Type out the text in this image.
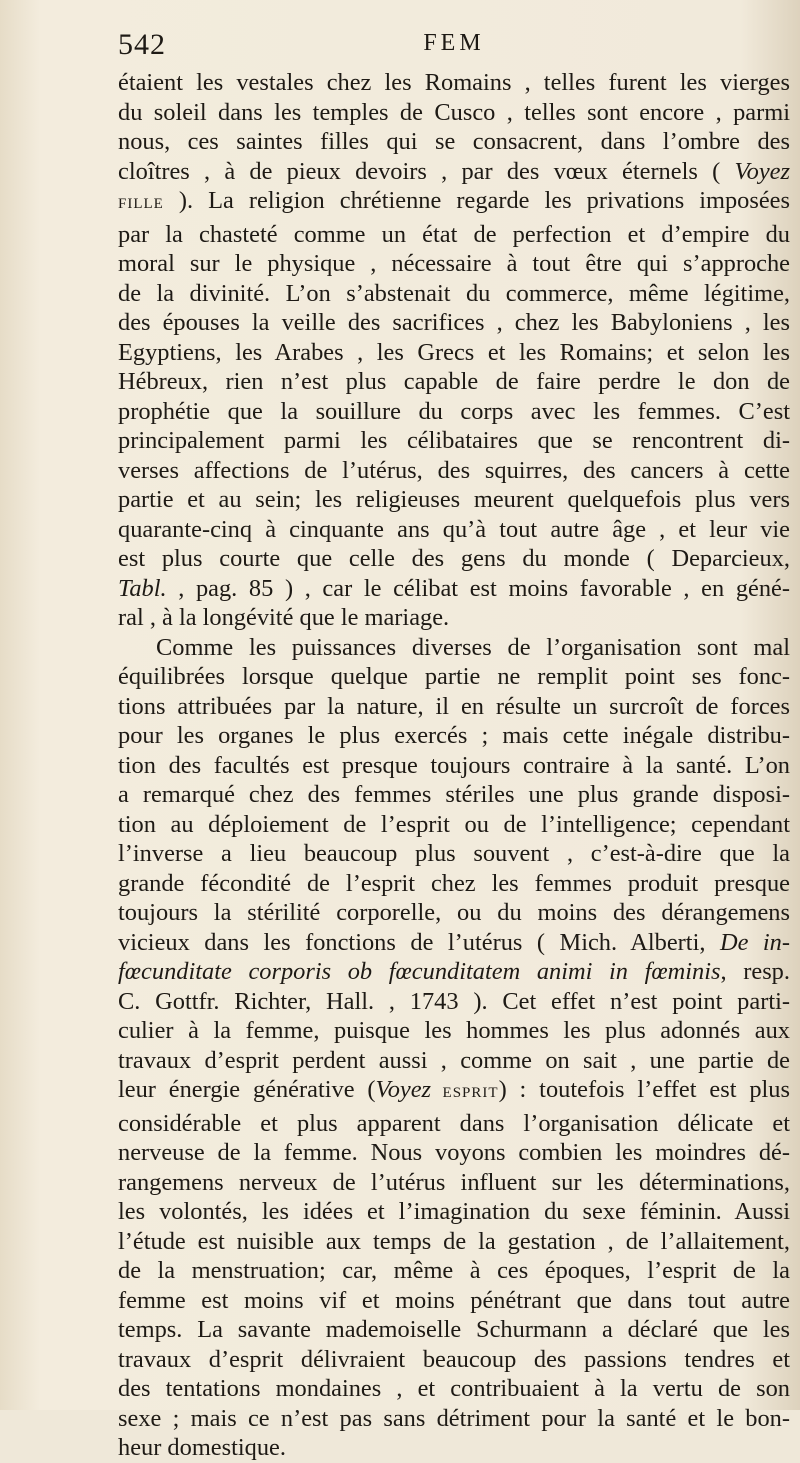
542	FEM
étaient les vestales chez les Romains , telles furent les vierges
du soleil dans les temples de Cusco , telles sont encore , parmi
nous, ces saintes filles qui se consacrent, dans l’ombre des
cloîtres , à de pieux devoirs , par des vœux éternels ( Voyez
FILLE ). La religion chrétienne regarde les privations imposées
par la chasteté comme un état de perfection et d’empire du
moral sur le physique , nécessaire à tout être qui s’approche
de la divinité. L’on s’abstenait du commerce, même légitime,
des épouses la veille des sacrifices , chez les Babyloniens , les
Egyptiens, les Arabes , les Grecs et les Romains; et selon les
Hébreux, rien n’est plus capable de faire perdre le don de
prophétie que la souillure du corps avec les femmes. C’est
principalement parmi les célibataires que se rencontrent di-
verses affections de l’utérus, des squirres, des cancers à cette
partie et au sein; les religieuses meurent quelquefois plus vers
quarante-cinq à cinquante ans qu’à tout autre âge , et leur vie
est plus courte que celle des gens du monde ( Deparcieux,
Tabl. , pag. 85 ) , car le célibat est moins favorable , en géné-
ral , à la longévité que le mariage.
Comme les puissances diverses de l’organisation sont mal
équilibrées lorsque quelque partie ne remplit point ses fonc-
tions attribuées par la nature, il en résulte un surcroît de forces
pour les organes le plus exercés ; mais cette inégale distribu-
tion des facultés est presque toujours contraire à la santé. L’on
a remarqué chez des femmes stériles une plus grande disposi-
tion au déploiement de l’esprit ou de l’intelligence; cependant
l’inverse a lieu beaucoup plus souvent , c’est-à-dire que la
grande fécondité de l’esprit chez les femmes produit presque
toujours la stérilité corporelle, ou du moins des dérangemens
vicieux dans les fonctions de l’utérus ( Mich. Alberti, De in-
fœcunditate corporis ob fœcunditatem animi in fœminis, resp.
C. Gottfr. Richter, Hall. , 1743 ). Cet effet n’est point parti-
culier à la femme, puisque les hommes les plus adonnés aux
travaux d’esprit perdent aussi , comme on sait , une partie de
leur énergie générative (Voyez ESPRIT) : toutefois l’effet est plus
considérable et plus apparent dans l’organisation délicate et
nerveuse de la femme. Nous voyons combien les moindres dé-
rangemens nerveux de l’utérus influent sur les déterminations,
les volontés, les idées et l’imagination du sexe féminin. Aussi
l’étude est nuisible aux temps de la gestation , de l’allaitement,
de la menstruation; car, même à ces époques, l’esprit de la
femme est moins vif et moins pénétrant que dans tout autre
temps. La savante mademoiselle Schurmann a déclaré que les
travaux d’esprit délivraient beaucoup des passions tendres et
des tentations mondaines , et contribuaient à la vertu de son
sexe ; mais ce n’est pas sans détriment pour la santé et le bon-
heur domestique.
